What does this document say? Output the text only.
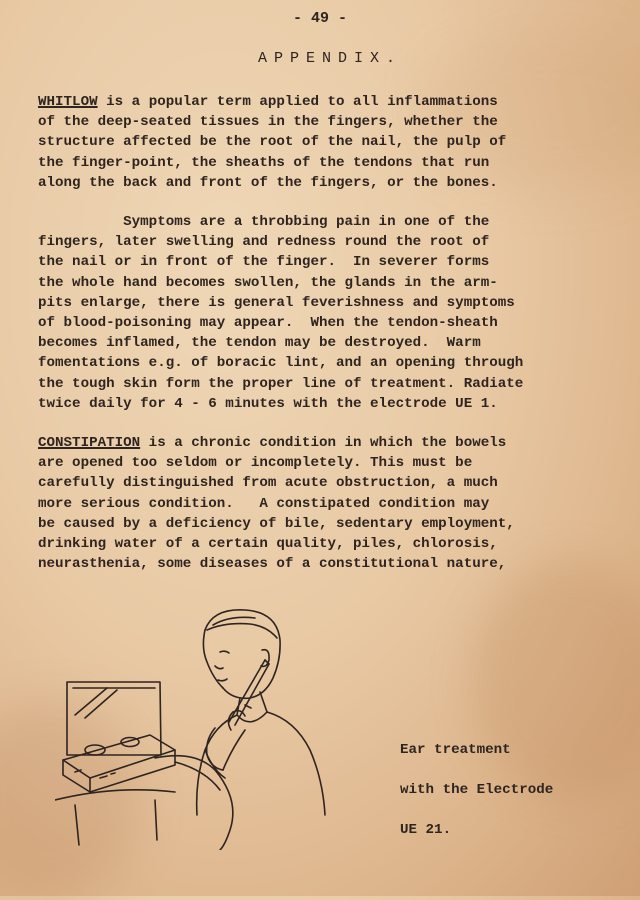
- 49 -
APPENDIX.

WHITLOW is a popular term applied to all inflammations
of the deep-seated tissues in the fingers, whether the
structure affected be the root of the nail, the pulp of
the finger-point, the sheaths of the tendons that run
along the back and front of the fingers, or the bones.

Symptoms are a throbbing pain in one of the
fingers, later swelling and redness round the root of
the nail or in front of the finger.  In severer forms
the whole hand becomes swollen, the glands in the arm-
pits enlarge, there is general feverishness and symptoms
of blood-poisoning may appear.  When the tendon-sheath
becomes inflamed, the tendon may be destroyed.  Warm
fomentations e.g. of boracic lint, and an opening through
the tough skin form the proper line of treatment. Radiate
twice daily for 4 - 6 minutes with the electrode UE 1.

CONSTIPATION is a chronic condition in which the bowels
are opened too seldom or incompletely. This must be
carefully distinguished from acute obstruction, a much
more serious condition.   A constipated condition may
be caused by a deficiency of bile, sedentary employment,
drinking water of a certain quality, piles, chlorosis,
neurasthenia, some diseases of a constitutional nature,

Ear treatment
with the Electrode
UE 21.
